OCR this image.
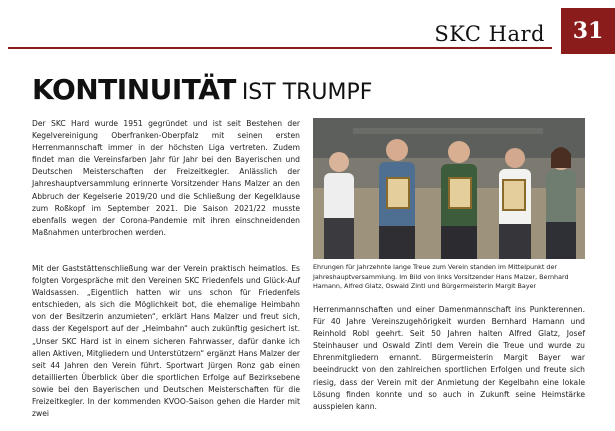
SKC Hard 31
KONTINUITÄT IST TRUMPF

Der SKC Hard wurde 1951 gegründet und ist seit Bestehen der Kegelvereinigung Oberfranken-Oberpfalz mit seinen ersten Herrenmannschaft immer in der höchsten Liga vertreten. Zudem findet man die Vereinsfarben Jahr für Jahr bei den Bayerischen und Deutschen Meisterschaften der Freizeitkegler. Anlässlich der Jahreshauptversammlung erinnerte Vorsitzender Hans Malzer an den Abbruch der Kegelserie 2019/20 und die Schließung der Kegelklause zum Roßkopf im September 2021. Die Saison 2021/22 musste ebenfalls wegen der Corona-Pandemie mit ihren einschneidenden Maßnahmen unterbrochen werden.

Mit der Gaststättenschließung war der Verein praktisch heimatlos. Es folgten Vorgespräche mit den Vereinen SKC Friedenfels und Glück-Auf Waldsassen. „Eigentlich hatten wir uns schon für Friedenfels entschieden, als sich die Möglichkeit bot, die ehemalige Heimbahn von der Besitzerin anzumieten“, erklärt Hans Malzer und freut sich, dass der Kegelsport auf der „Heimbahn“ auch zukünftig gesichert ist. „Unser SKC Hard ist in einem sicheren Fahrwasser, dafür danke ich allen Aktiven, Mitgliedern und Unterstützern“ ergänzt Hans Malzer der seit 44 Jahren den Verein führt. Sportwart Jürgen Ronz gab einen detaillierten Überblick über die sportlichen Erfolge auf Bezirksebene sowie bei den Bayerischen und Deutschen Meisterschaften für die Freizeitkegler. In der kommenden KVOO-Saison gehen die Harder mit zwei

Ehrungen für Jahrzehnte lange Treue zum Verein standen im Mittelpunkt der Jahreshauptversammlung. Im Bild von links Vorsitzender Hans Malzer, Bernhard Hamann, Alfred Glatz, Oswald Zintl und Bürgermeisterin Margit Bayer

Herrenmannschaften und einer Damenmannschaft ins Punkterennen. Für 40 Jahre Vereinszugehörigkeit wurden Bernhard Hamann und Reinhold Robl geehrt. Seit 50 Jahren halten Alfred Glatz, Josef Steinhauser und Oswald Zintl dem Verein die Treue und wurde zu Ehrenmitgliedern ernannt. Bürgermeisterin Margit Bayer war beeindruckt von den zahlreichen sportlichen Erfolgen und freute sich riesig, dass der Verein mit der Anmietung der Kegelbahn eine lokale Lösung finden konnte und so auch in Zukunft seine Heimstärke ausspielen kann.
